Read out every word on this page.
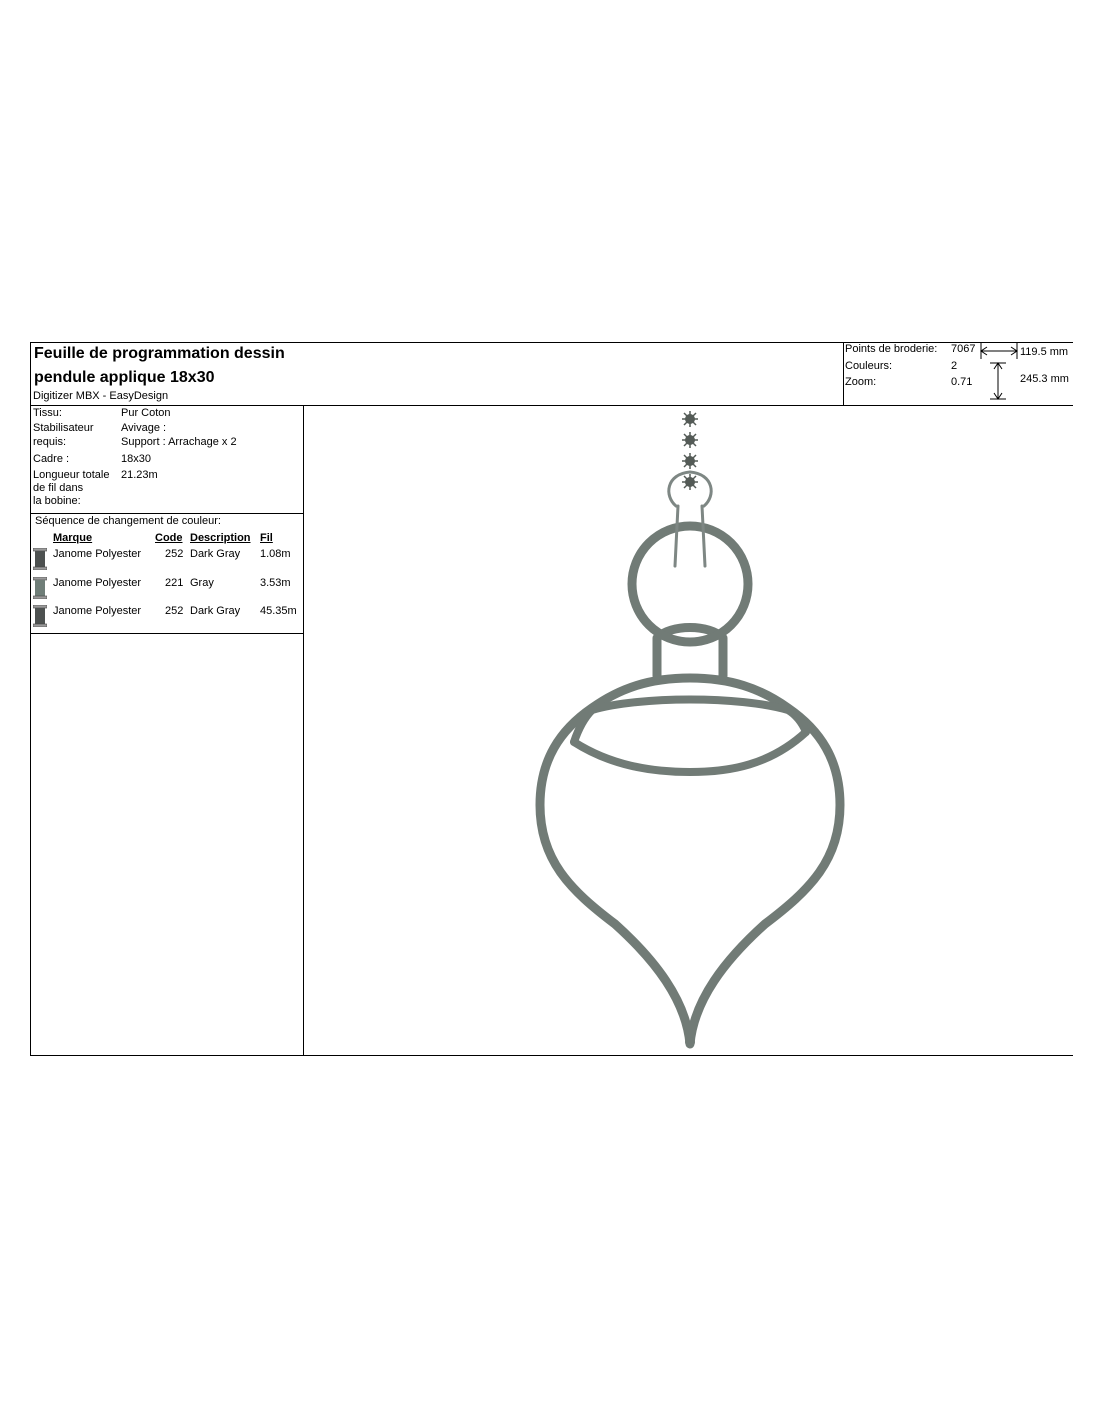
Feuille de programmation dessin
pendule applique 18x30
Digitizer MBX - EasyDesign
Points de broderie: 7067
Couleurs:	2
Zoom:	0.71
119.5 mm
245.3 mm
Tissu:	Pur Coton
Stabilisateur
requis:
Avivage :
Support : Arrachage x 2
Cadre :	18x30
Longueur totale
de fil dans
la bobine:
21.23m
Séquence de changement de couleur:
Marque	Code Description Fil
Janome Polyester 252 Dark Gray 1.08m
Janome Polyester 221 Gray	3.53m
Janome Polyester 252 Dark Gray 45.35m
